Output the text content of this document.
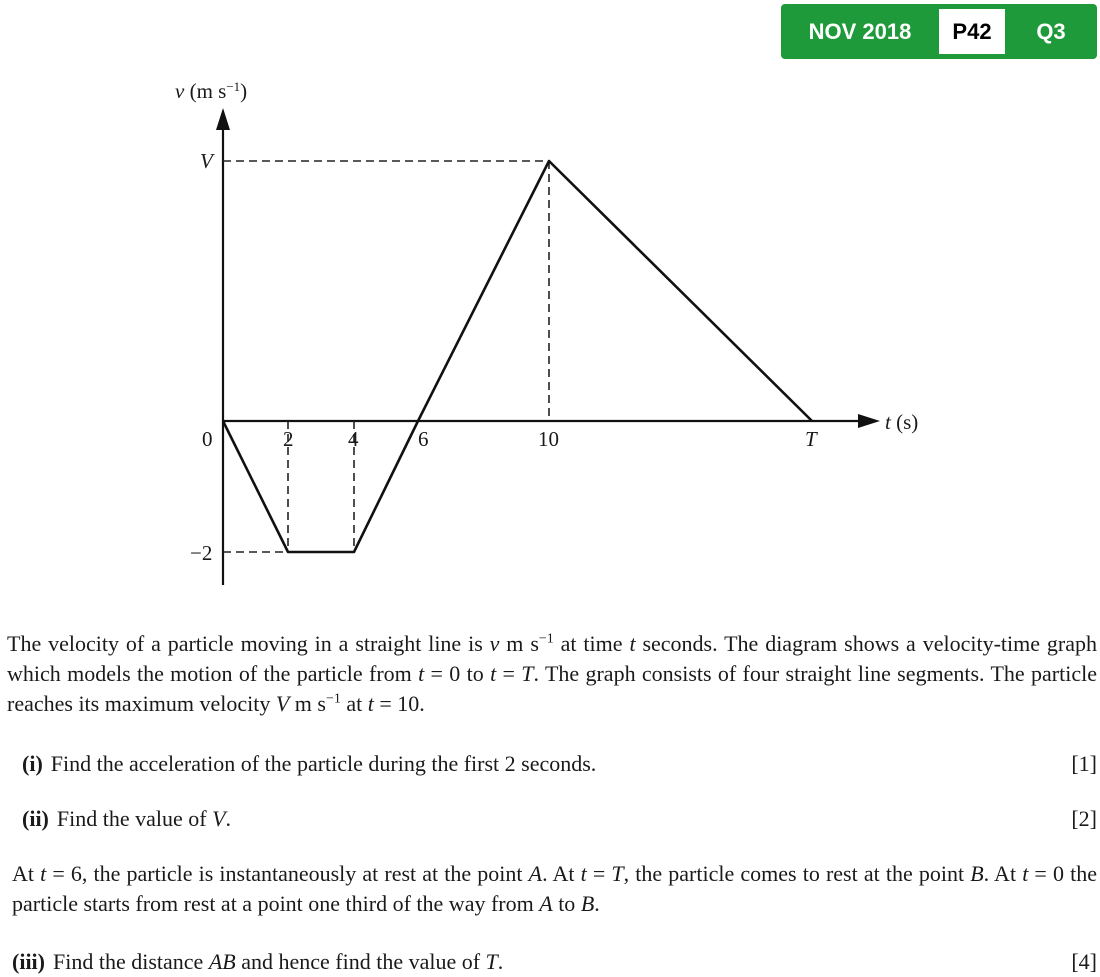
NOV 2018	P42	Q3
v (m $s^{-1}$)
t (s)
V
0
−2
2	4	6	10	T

The velocity of a particle moving in a straight line is v m $s^{-1}$ at time t seconds. The diagram shows a velocity-time graph which models the motion of the particle from t = 0 to t = T. The graph consists of four straight line segments. The particle reaches its maximum velocity V m $s^{-1}$ at t = 10.

(i) Find the acceleration of the particle during the first 2 seconds.	[1]
(ii) Find the value of V.	[2]

At t = 6, the particle is instantaneously at rest at the point A. At t = T, the particle comes to rest at the point B. At t = 0 the particle starts from rest at a point one third of the way from A to B.

(iii) Find the distance AB and hence find the value of T.	[4]
